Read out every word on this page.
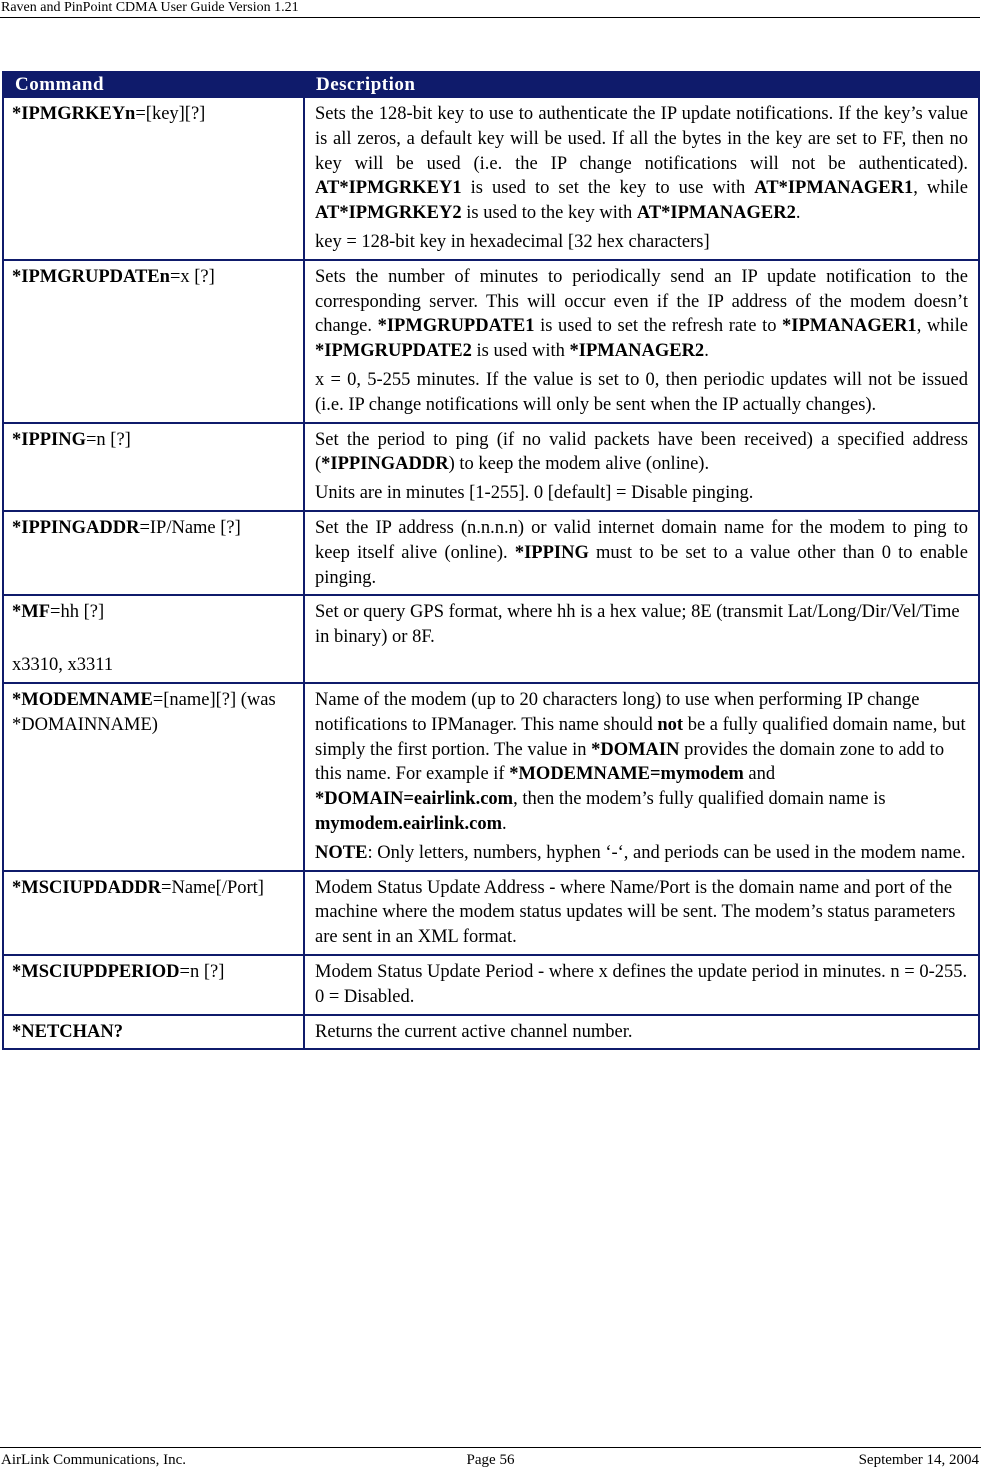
Raven and PinPoint CDMA User Guide Version 1.21
Command	Description
*IPMGRKEYn=[key][?]	Sets the 128-bit key to use to authenticate the IP update notifications. If the key’s value is all zeros, a default key will be used. If all the bytes in the key are set to FF, then no key will be used (i.e. the IP change notifications will not be authenticated). AT*IPMGRKEY1 is used to set the key to use with AT*IPMANAGER1, while AT*IPMGRKEY2 is used to the key with AT*IPMANAGER2.

key = 128-bit key in hexadecimal [32 hex characters]

*IPMGRUPDATEn=x [?]	Sets the number of minutes to periodically send an IP update notification to the corresponding server. This will occur even if the IP address of the modem doesn’t change. *IPMGRUPDATE1 is used to set the refresh rate to *IPMANAGER1, while *IPMGRUPDATE2 is used with *IPMANAGER2.

x = 0, 5-255 minutes. If the value is set to 0, then periodic updates will not be issued (i.e. IP change notifications will only be sent when the IP actually changes).

*IPPING=n [?]	Set the period to ping (if no valid packets have been received) a specified address (*IPPINGADDR) to keep the modem alive (online).

Units are in minutes [1-255]. 0 [default] = Disable pinging.

*IPPINGADDR=IP/Name [?]	Set the IP address (n.n.n.n) or valid internet domain name for the modem to ping to keep itself alive (online). *IPPING must to be set to a value other than 0 to enable pinging.

*MF=hh [?]

x3310, x3311	Set or query GPS format, where hh is a hex value; 8E (transmit Lat/Long/Dir/Vel/Time in binary) or 8F.

*MODEMNAME=[name][?] (was *DOMAINNAME)	Name of the modem (up to 20 characters long) to use when performing IP change notifications to IPManager. This name should not be a fully qualified domain name, but simply the first portion. The value in *DOMAIN provides the domain zone to add to this name. For example if *MODEMNAME=mymodem and *DOMAIN=eairlink.com, then the modem’s fully qualified domain name is mymodem.eairlink.com.

NOTE: Only letters, numbers, hyphen ‘-‘, and periods can be used in the modem name.

*MSCIUPDADDR=Name[/Port]	Modem Status Update Address - where Name/Port is the domain name and port of the machine where the modem status updates will be sent. The modem’s status parameters are sent in an XML format.

*MSCIUPDPERIOD=n [?]	Modem Status Update Period - where x defines the update period in minutes. n = 0-255. 0 = Disabled.

*NETCHAN?	Returns the current active channel number.

AirLink Communications, Inc.	Page 56	September 14, 2004
